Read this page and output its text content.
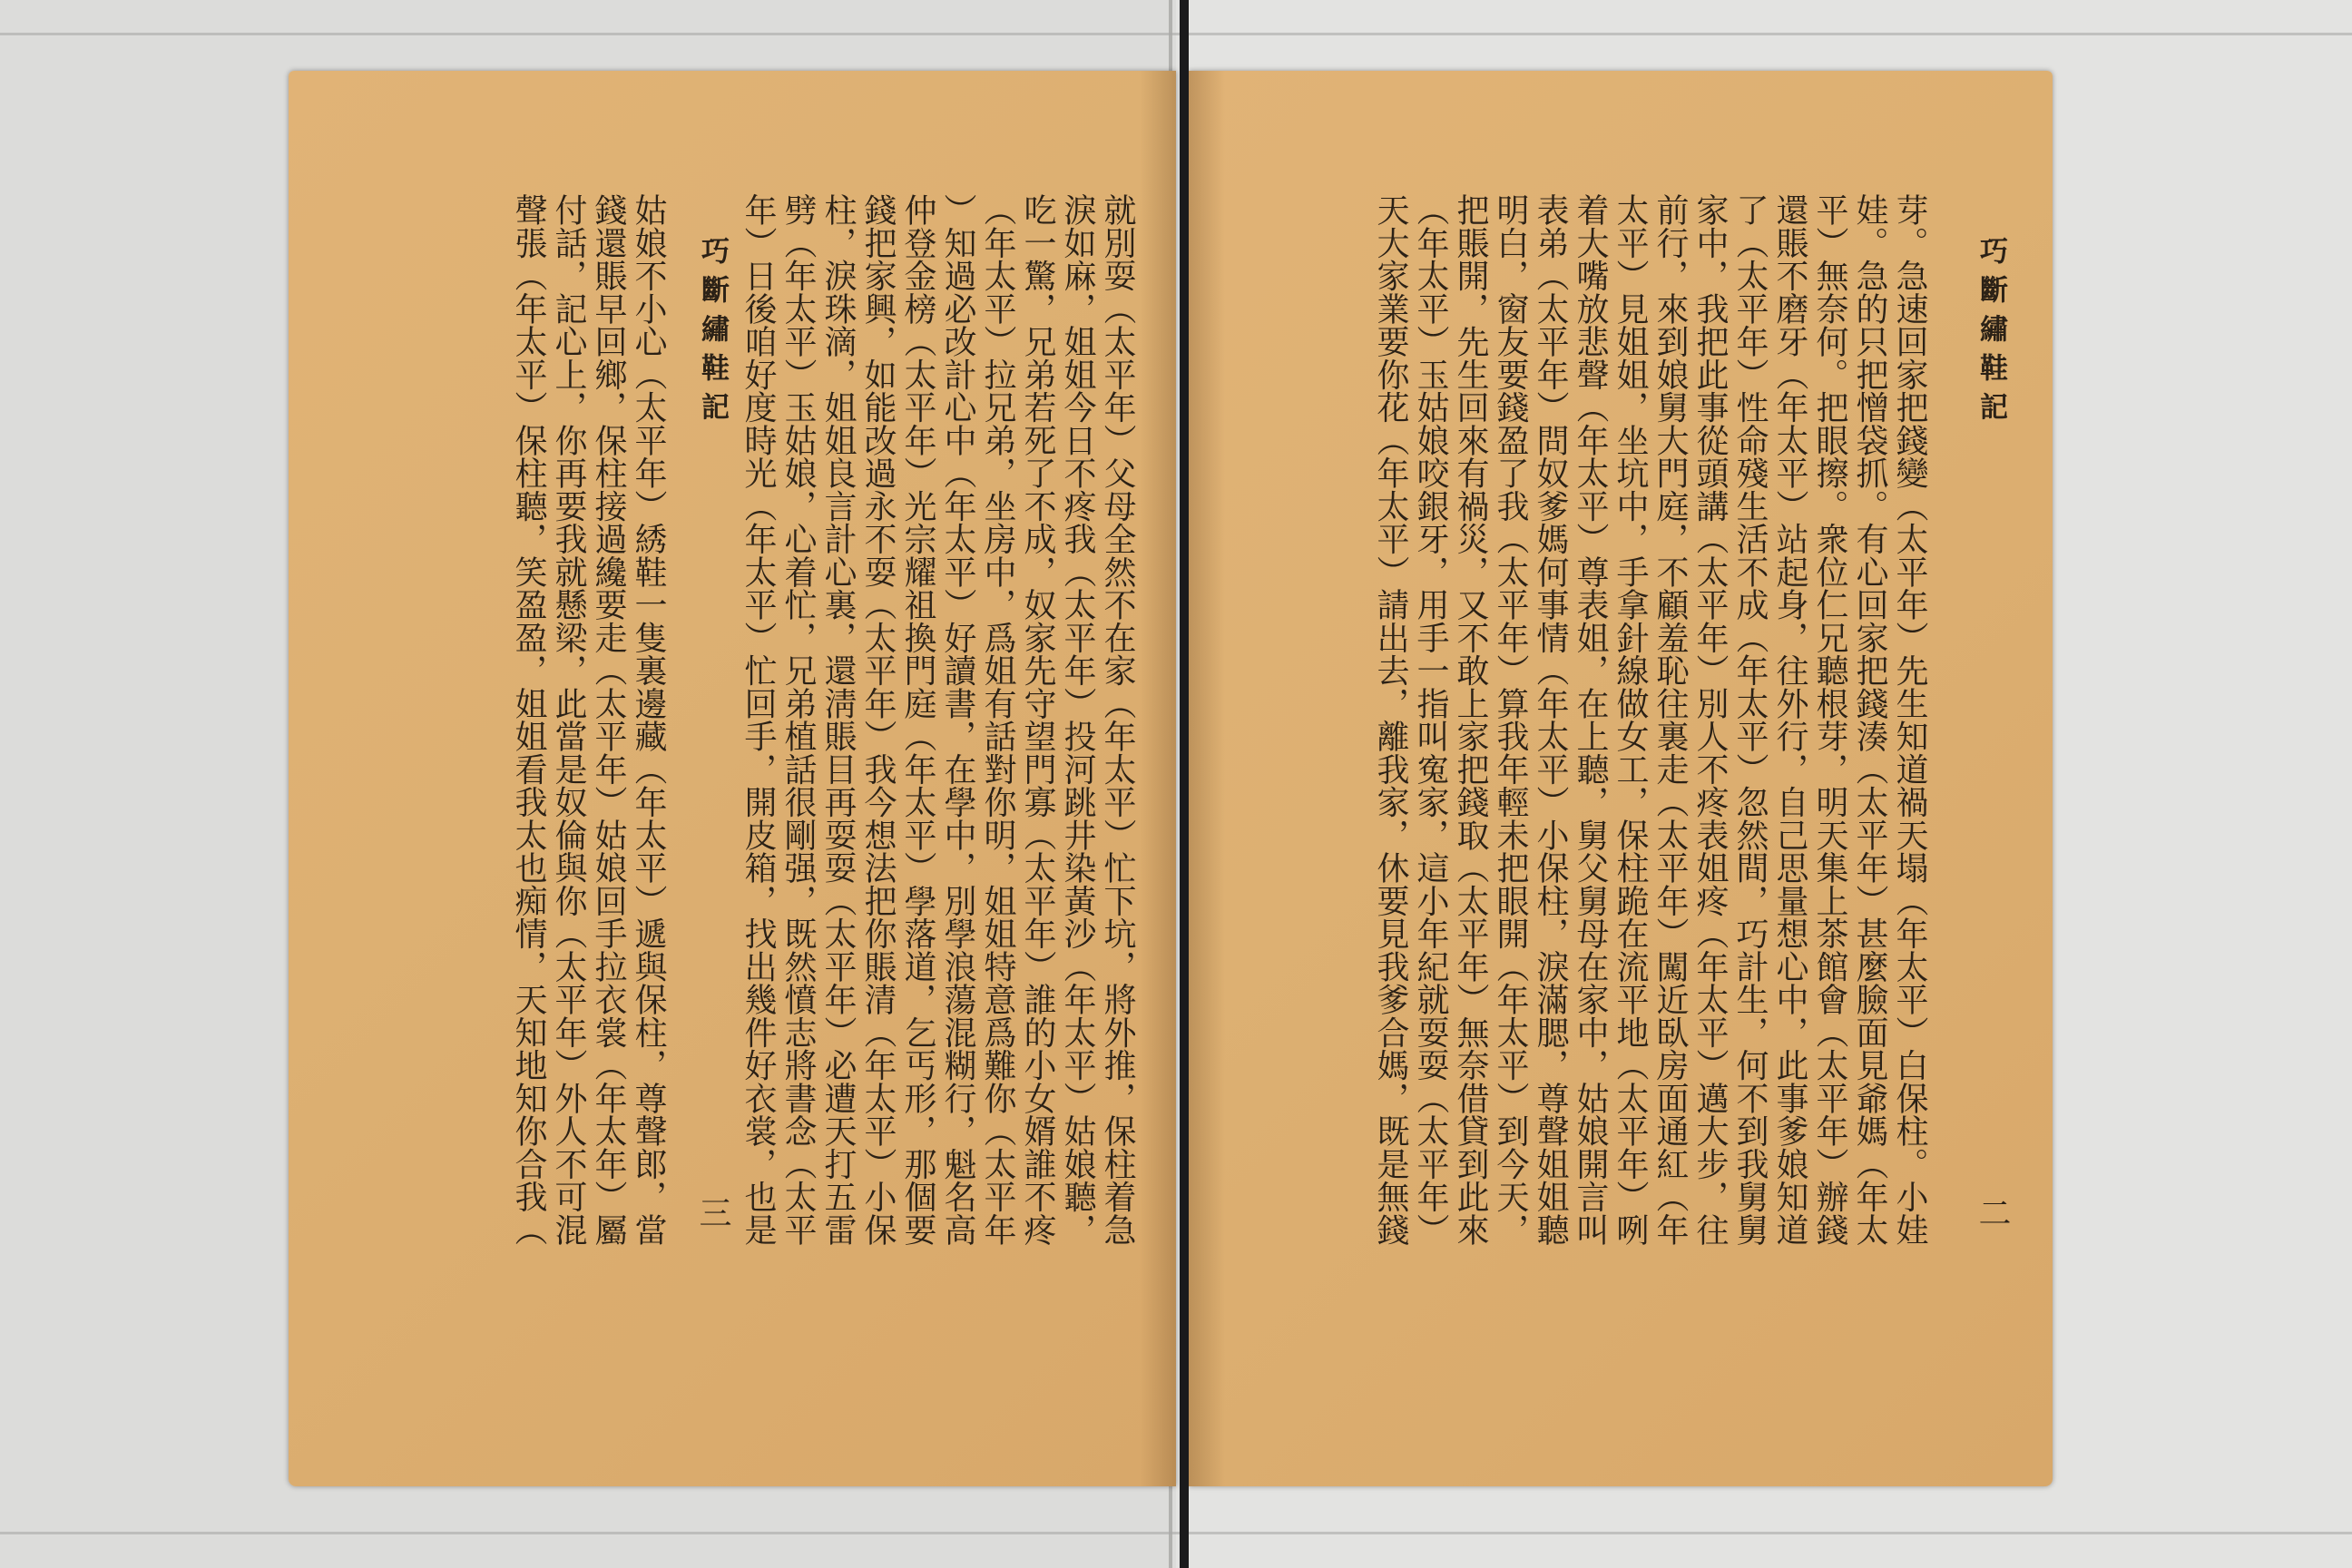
巧斷繡鞋記
三	就別耍（太平年）父母全然不在家（年太平）忙下坑，將外推，保柱着急
淚如麻，姐姐今日不疼我（太平年）投河跳井染黃沙（年太平）姑娘聽，
吃一驚，兄弟若死了不成，奴家先守望門寡（太平年）誰的小女婿誰不疼
（年太平）拉兄弟，坐房中，爲姐有話對你明，姐姐特意爲難你（太平年
）知過必改計心中（年太平）好讀書，在學中，別學浪蕩混糊行，魁名高
仲登金榜（太平年）光宗耀祖換門庭（年太平）學落道，乞丐形，那個要
錢把家興，如能改過永不耍（太平年）我今想法把你賬清（年太平）小保
柱，淚珠滴，姐姐良言計心裏，還淸賬目再耍耍（太平年）必遭天打五雷
劈（年太平）玉姑娘，心着忙，兄弟植話很剛强，既然憤志將書念（太平
年）日後咱好度時光（年太平）忙回手，開皮箱，找出幾件好衣裳，也是
姑娘不小心（太平年）綉鞋一隻裏邊藏（年太平）遞與保柱，尊聲郎，當
錢還賬早回鄉，保柱接過纔要走（太平年）姑娘回手拉衣裳（年太年）屬
付話，記心上，你再要我就懸梁，此當是奴倫與你（太平年）外人不可混
聲張（年太平）保柱聽，笑盈盈，姐姐看我太也痴情，天知地知你合我（	巧斷繡鞋記
二
芽。急速回家把錢變（太平年）先生知道禍天塌（年太平）白保柱。小娃
娃。急的只把憎袋抓。有心回家把錢湊（太平年）甚麼臉面見爺媽（年太
平）無奈何。把眼擦。衆位仁兄聽根芽，明天集上茶館會（太平年）辦錢
還賬不磨牙（年太平）站起身，往外行，自己思量想心中，此事爹娘知道
了（太平年）性命殘生活不成（年太平）忽然間，巧計生，何不到我舅舅
家中，我把此事從頭講（太平年）別人不疼表姐疼（年太平）邁大步，往
前行，來到娘舅大門庭，不顧羞恥往裏走（太平年）闖近臥房面通紅（年
太平）見姐姐，坐坑中，手拿針線做女工，保柱跪在流平地（太平年）咧
着大嘴放悲聲（年太平）尊表姐，在上聽，舅父舅母在家中，姑娘開言叫
表弟（太平年）問奴爹媽何事情（年太平）小保柱，淚滿腮，尊聲姐姐聽
明白，窗友要錢盈了我（太平年）算我年輕未把眼開（年太平）到今天，
把賬開，先生回來有禍災，又不敢上家把錢取（太平年）無奈借貸到此來
（年太平）玉姑娘咬銀牙，用手一指叫寃家，這小年紀就耍耍（太平年）
天大家業要你花（年太平）請出去，離我家，休要見我爹合媽，既是無錢
